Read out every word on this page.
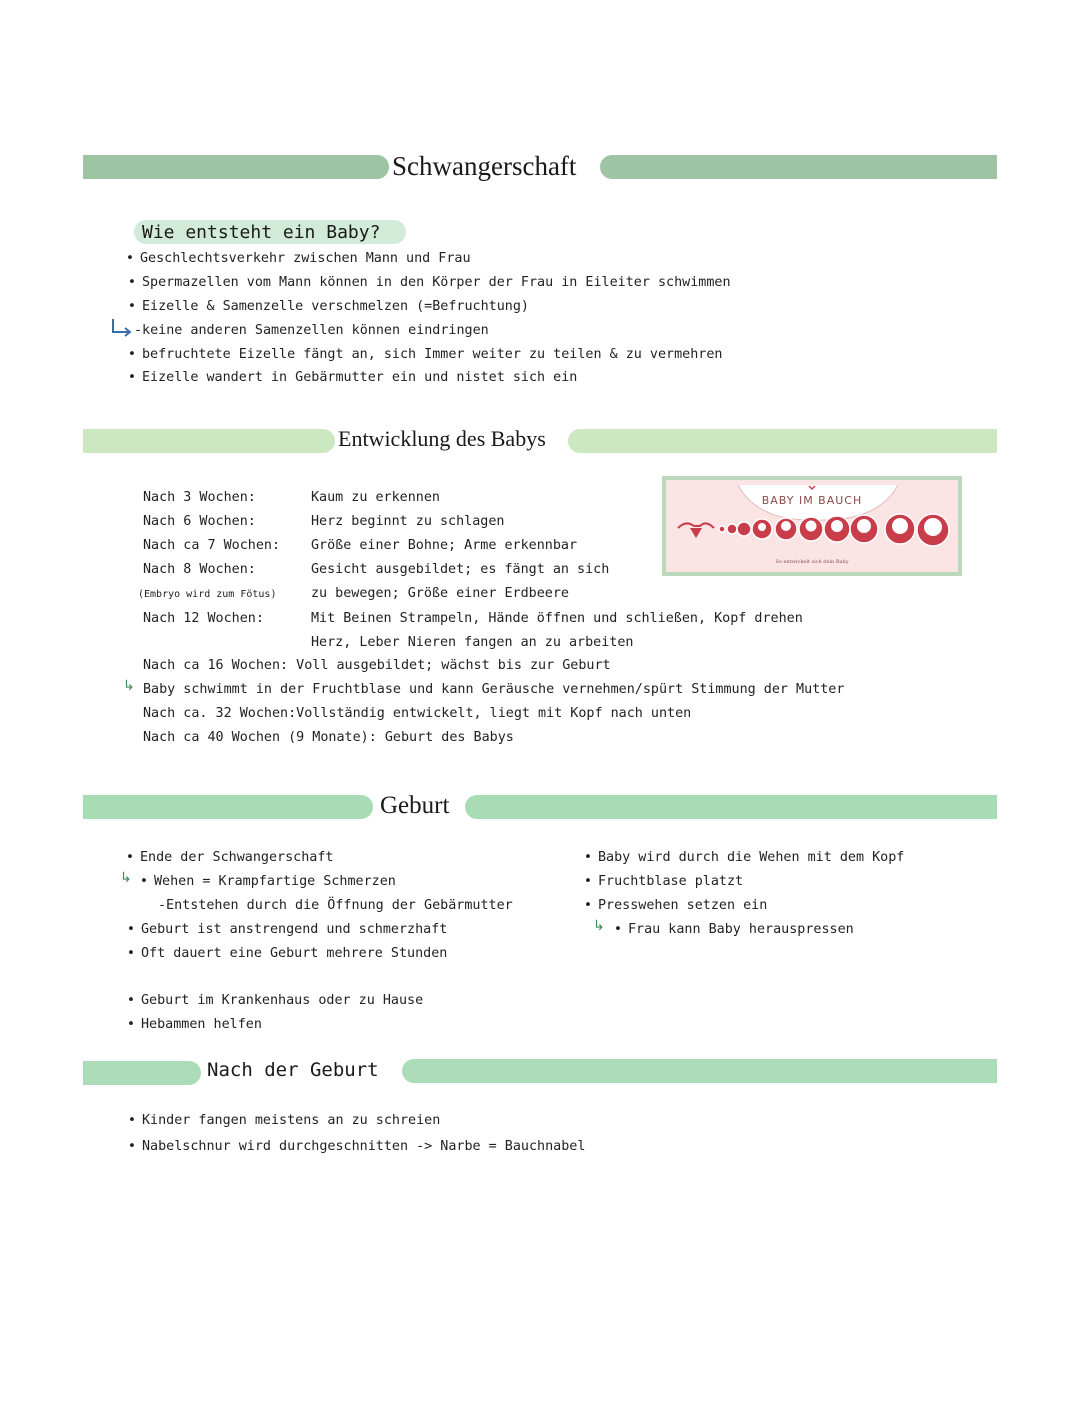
Schwangerschaft
Wie entsteht ein Baby?
• Geschlechtsverkehr zwischen Mann und Frau
• Spermazellen vom Mann können in den Körper der Frau in Eileiter schwimmen
• Eizelle & Samenzelle verschmelzen (=Befruchtung)
-keine anderen Samenzellen können eindringen
• befruchtete Eizelle fängt an, sich Immer weiter zu teilen & zu vermehren
• Eizelle wandert in Gebärmutter ein und nistet sich ein
Entwicklung des Babys
Nach 3 Wochen:	Kaum zu erkennen
Nach 6 Wochen:	Herz beginnt zu schlagen
Nach ca 7 Wochen: Größe einer Bohne; Arme erkennbar
Nach 8 Wochen:	Gesicht ausgebildet; es fängt an sich
(Embryo wird zum Fötus)	zu bewegen; Größe einer Erdbeere
Nach 12 Wochen:	Mit Beinen Strampeln, Hände öffnen und schließen, Kopf drehen
Herz, Leber Nieren fangen an zu arbeiten
Nach ca 16 Wochen: Voll ausgebildet; wächst bis zur Geburt
↳ Baby schwimmt in der Fruchtblase und kann Geräusche vernehmen/spürt Stimmung der Mutter
Nach ca. 32 Wochen:Vollständig entwickelt, liegt mit Kopf nach unten
Nach ca 40 Wochen (9 Monate): Geburt des Babys
BABY IM BAUCH
So entwickelt sich dein Baby
Geburt
• Ende der Schwangerschaft
↳	• Wehen = Krampfartige Schmerzen
-Entstehen durch die Öffnung der Gebärmutter
• Geburt ist anstrengend und schmerzhaft
• Oft dauert eine Geburt mehrere Stunden
• Geburt im Krankenhaus oder zu Hause
• Hebammen helfen
• Baby wird durch die Wehen mit dem Kopf
• Fruchtblase platzt
• Presswehen setzen ein
↳	• Frau kann Baby herauspressen
Nach der Geburt
• Kinder fangen meistens an zu schreien
• Nabelschnur wird durchgeschnitten -> Narbe = Bauchnabel
